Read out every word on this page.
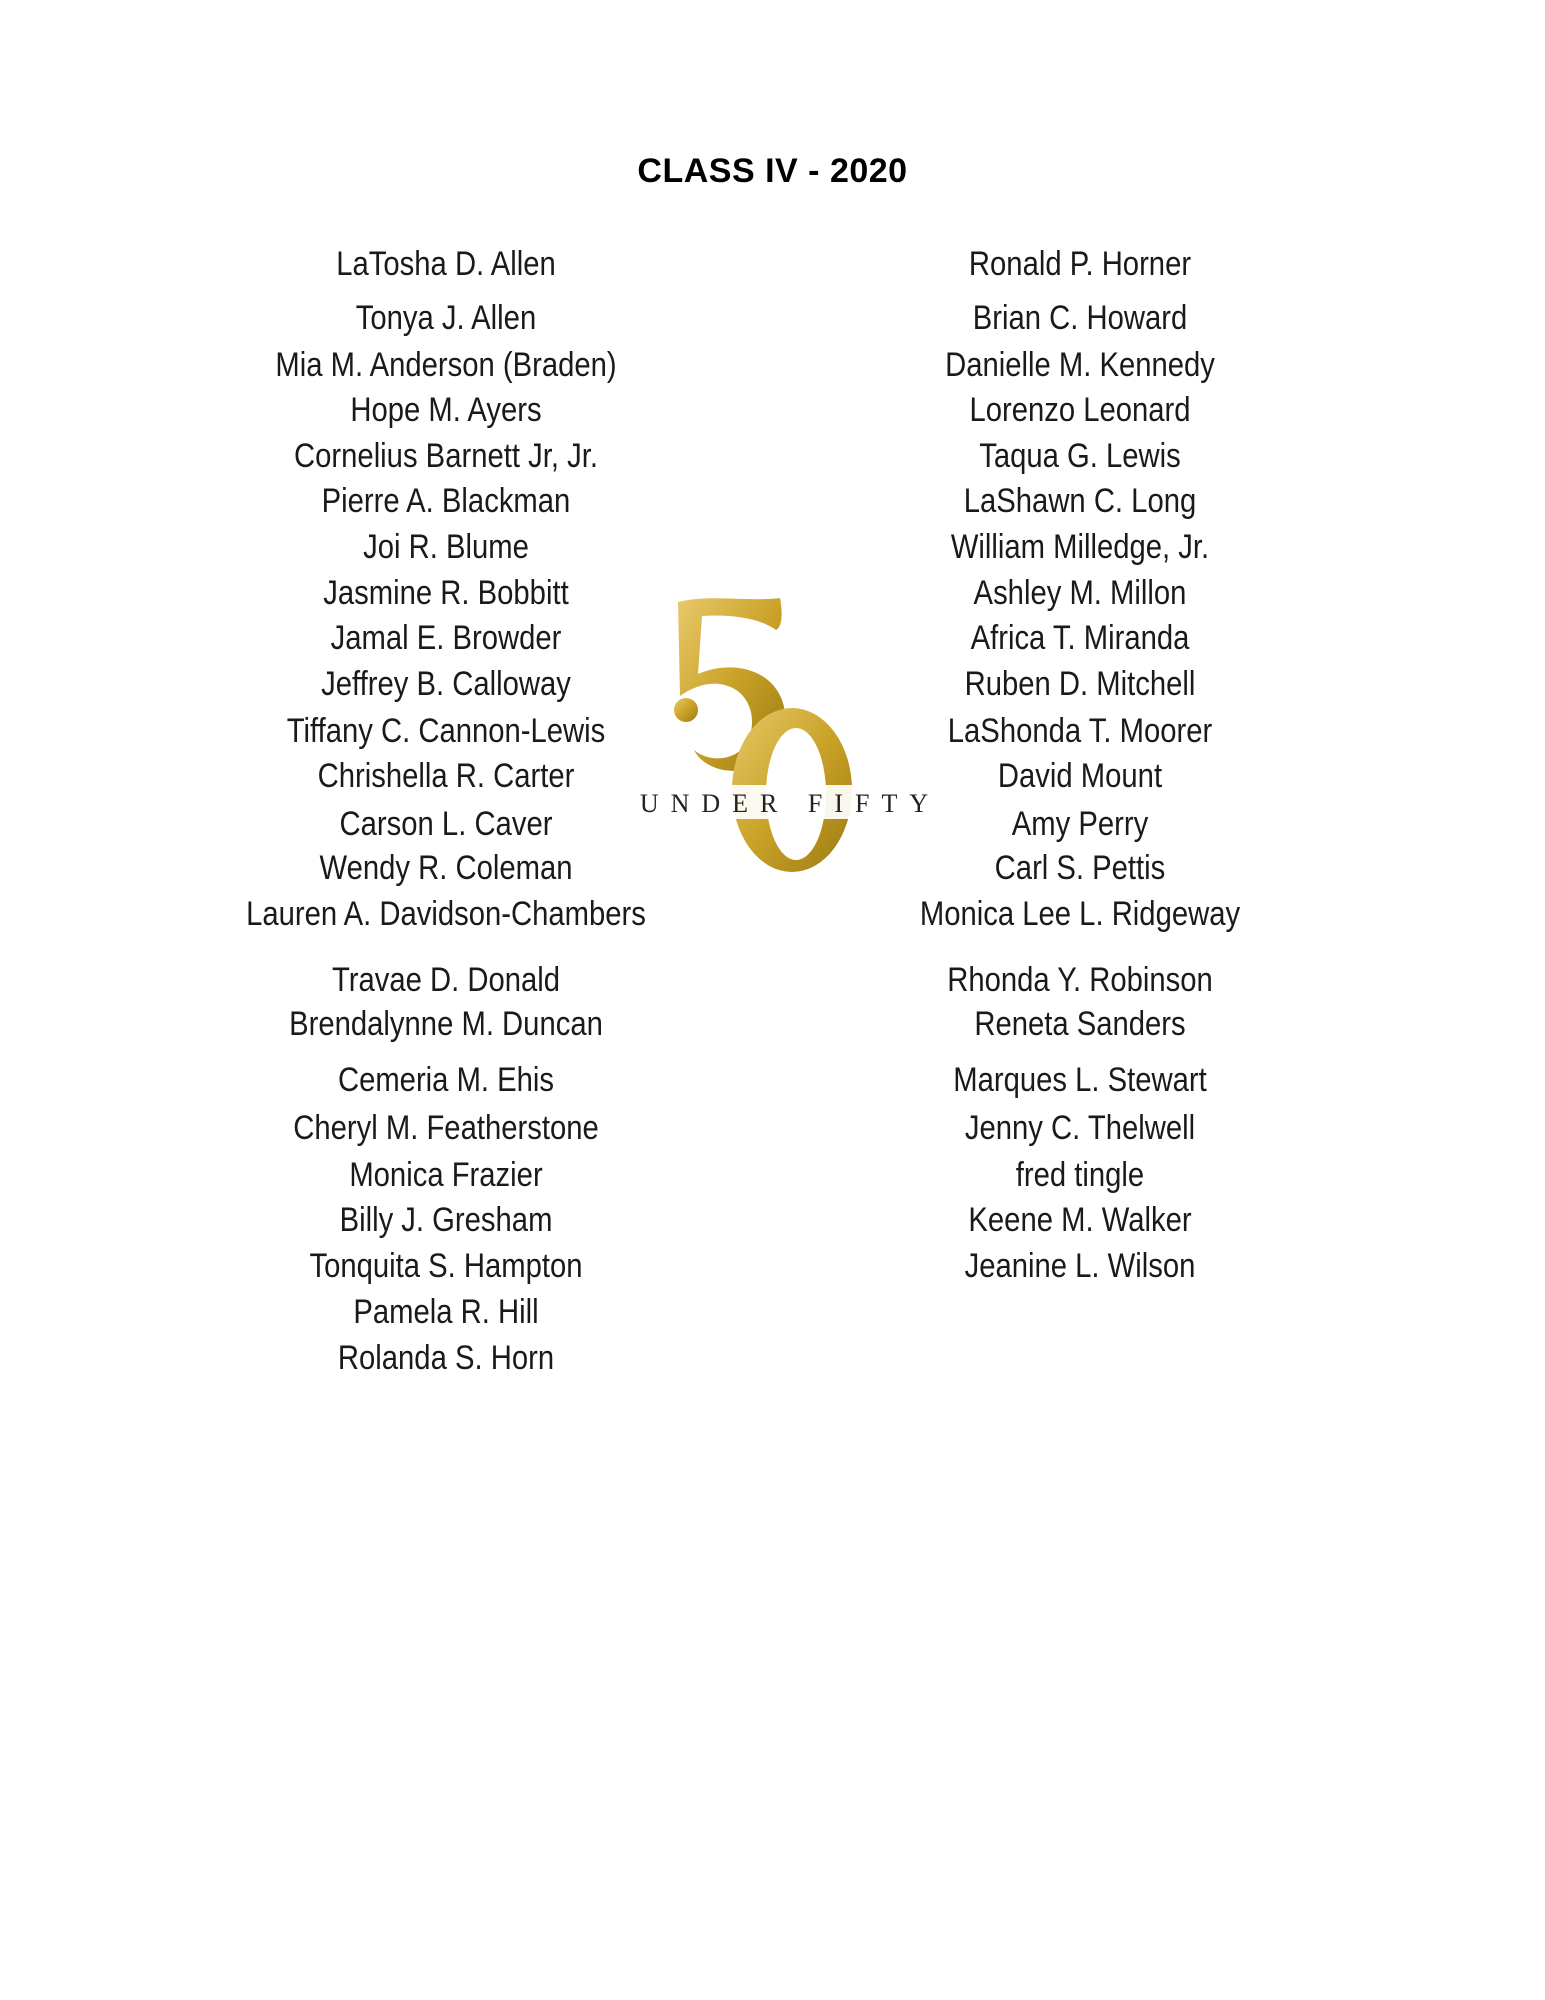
CLASS IV - 2020
UNDER FIFTY
LaTosha D. Allen
Tonya J. Allen
Mia M. Anderson (Braden)
Hope M. Ayers
Cornelius Barnett Jr, Jr.
Pierre A. Blackman
Joi R. Blume
Jasmine R. Bobbitt
Jamal E. Browder
Jeffrey B. Calloway
Tiffany C. Cannon-Lewis
Chrishella R. Carter
Carson L. Caver
Wendy R. Coleman
Lauren A. Davidson-Chambers
Travae D. Donald
Brendalynne M. Duncan
Cemeria M. Ehis
Cheryl M. Featherstone
Monica Frazier
Billy J. Gresham
Tonquita S. Hampton
Pamela R. Hill
Rolanda S. Horn
Ronald P. Horner
Brian C. Howard
Danielle M. Kennedy
Lorenzo Leonard
Taqua G. Lewis
LaShawn C. Long
William Milledge, Jr.
Ashley M. Millon
Africa T. Miranda
Ruben D. Mitchell
LaShonda T. Moorer
David Mount
Amy Perry
Carl S. Pettis
Monica Lee L. Ridgeway
Rhonda Y. Robinson
Reneta Sanders
Marques L. Stewart
Jenny C. Thelwell
fred tingle
Keene M. Walker
Jeanine L. Wilson
